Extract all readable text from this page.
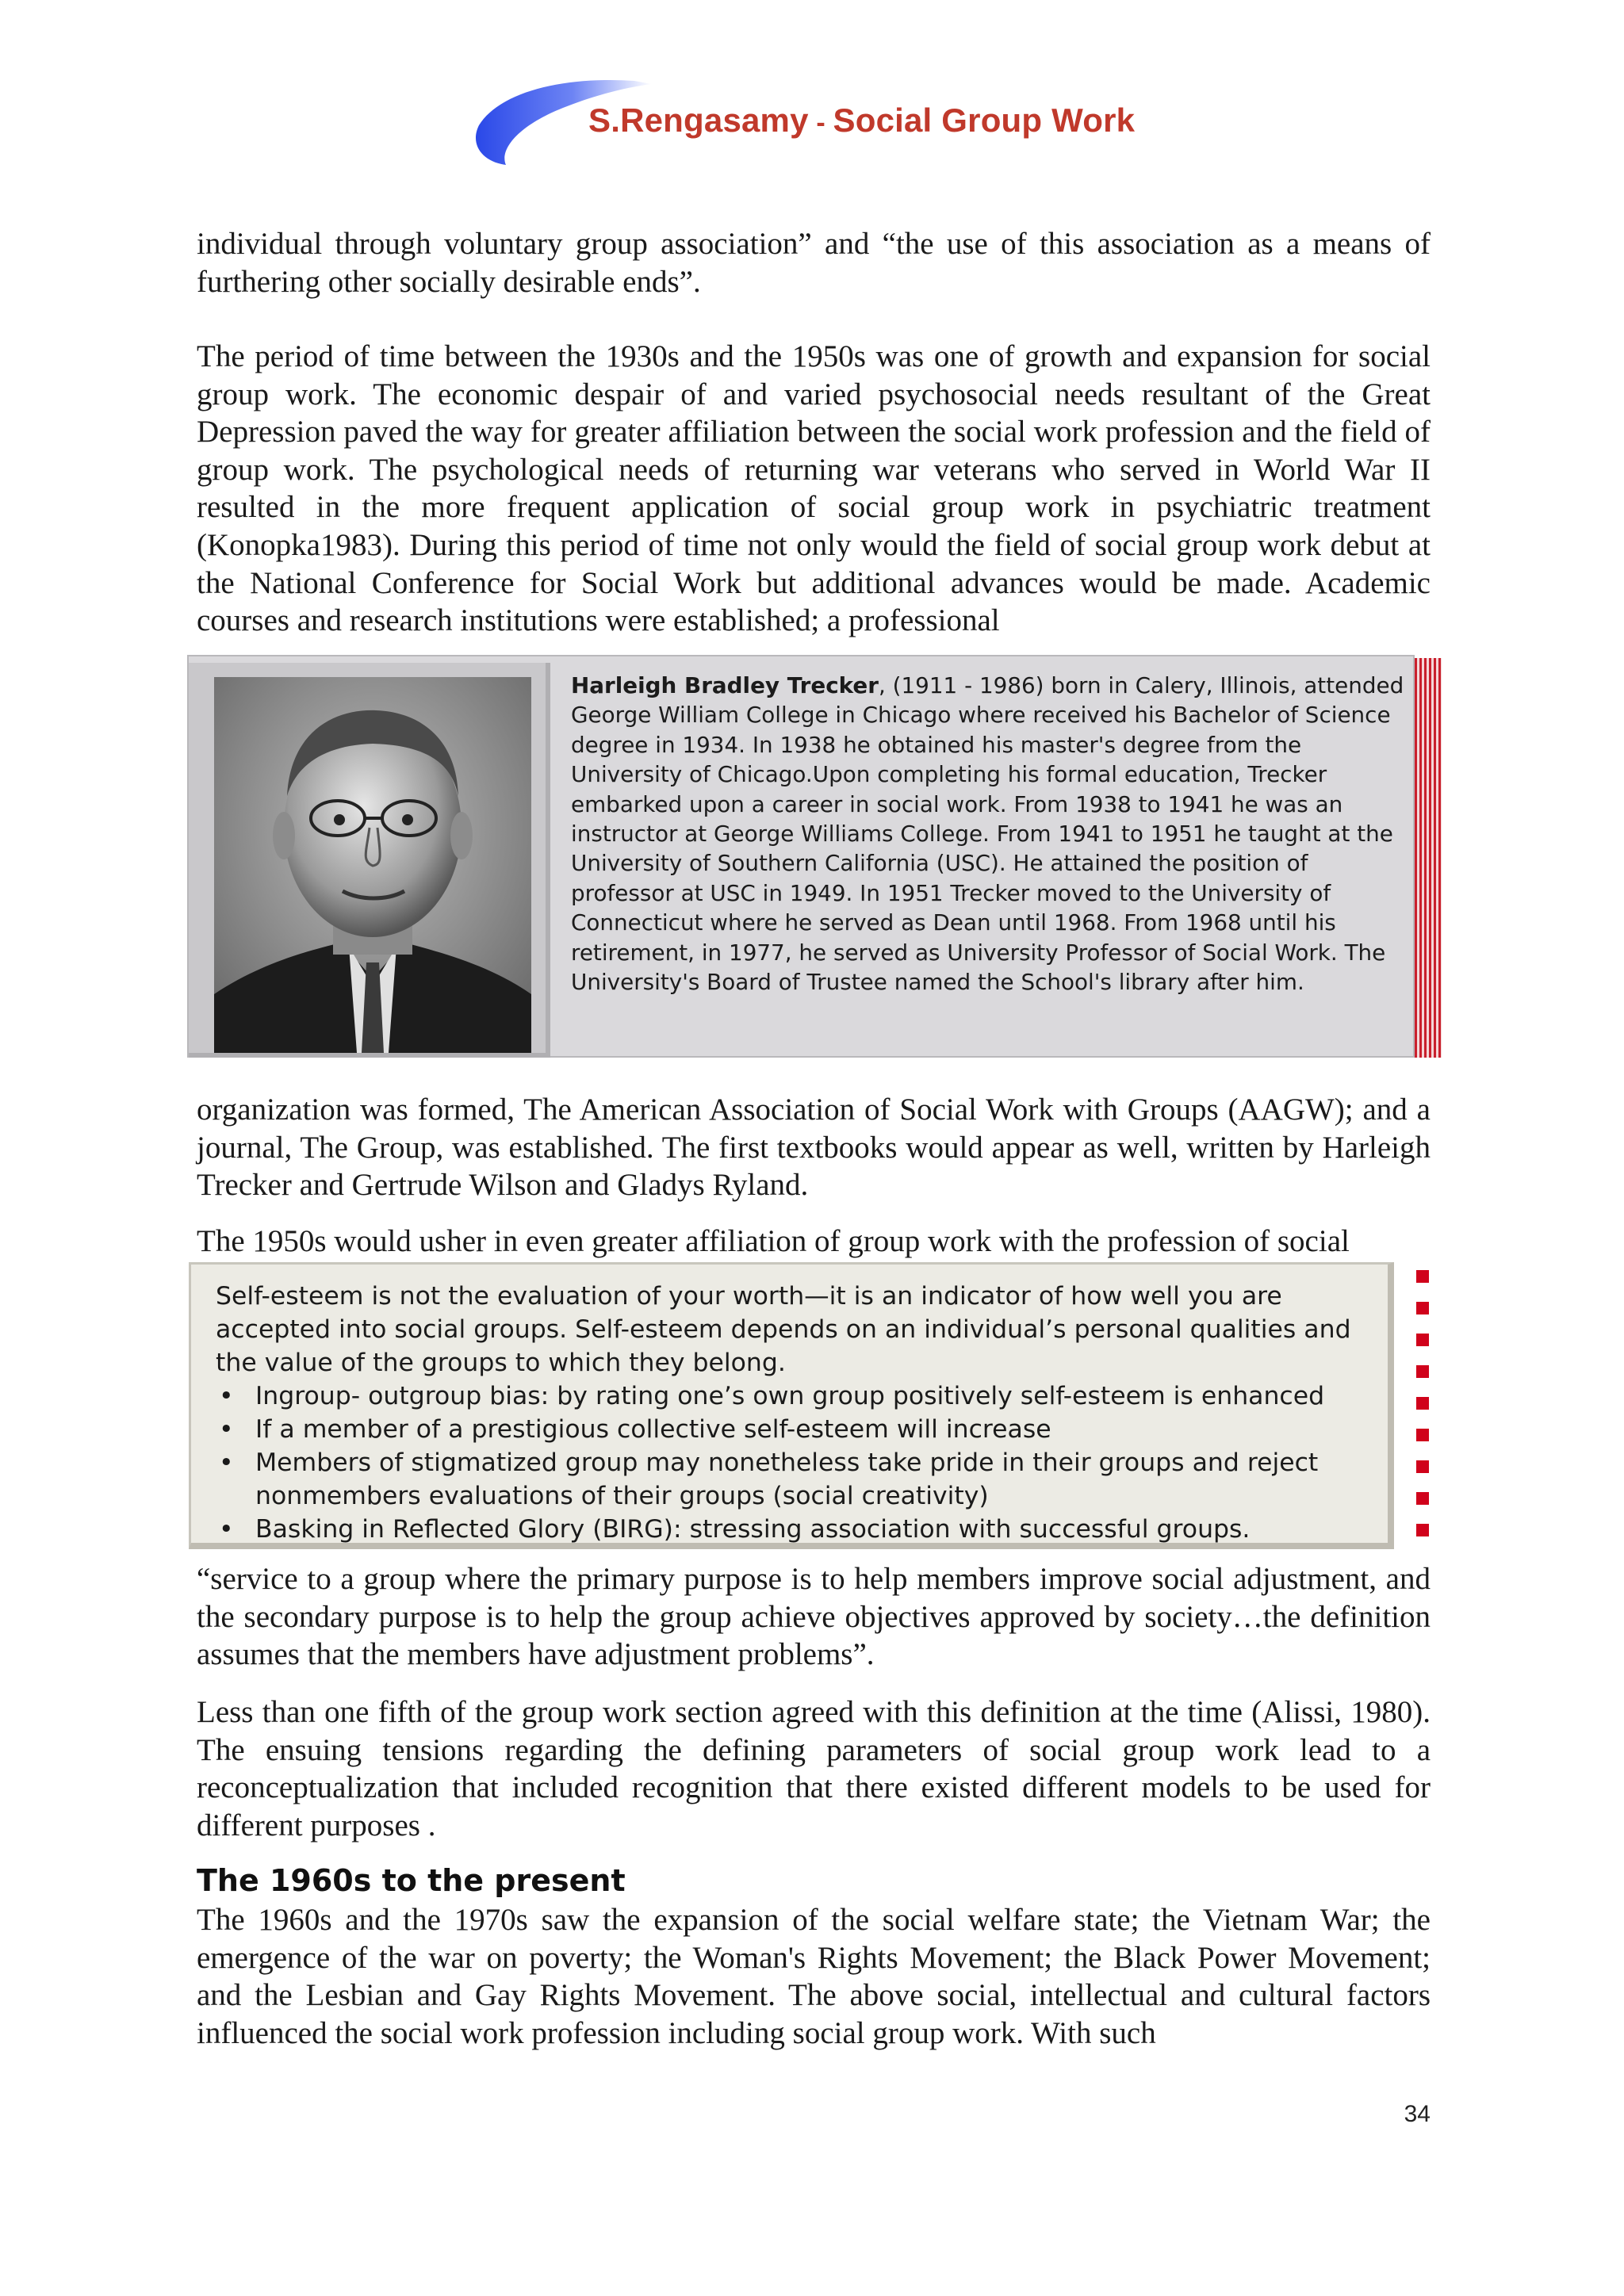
S.Rengasamy - Social Group Work

individual through voluntary group association” and “the use of this association as a means of furthering other socially desirable ends”.

The period of time between the 1930s and the 1950s was one of growth and expansion for social group work. The economic despair of and varied psychosocial needs resultant of the Great Depression paved the way for greater affiliation between the social work profession and the field of group work. The psychological needs of returning war veterans who served in World War II resulted in the more frequent application of social group work in psychiatric treatment (Konopka1983). During this period of time not only would the field of social group work debut at the National Conference for Social Work but additional advances would be made. Academic courses and research institutions were established; a professional

Harleigh Bradley Trecker, (1911 - 1986) born in Calery, Illinois, attended George William College in Chicago where received his Bachelor of Science degree in 1934. In 1938 he obtained his master's degree from the University of Chicago.Upon completing his formal education, Trecker embarked upon a career in social work. From 1938 to 1941 he was an instructor at George Williams College. From 1941 to 1951 he taught at the University of Southern California (USC). He attained the position of professor at USC in 1949. In 1951 Trecker moved to the University of Connecticut where he served as Dean until 1968. From 1968 until his retirement, in 1977, he served as University Professor of Social Work. The University's Board of Trustee named the School's library after him.

organization was formed, The American Association of Social Work with Groups (AAGW); and a journal, The Group, was established. The first textbooks would appear as well, written by Harleigh Trecker and Gertrude Wilson and Gladys Ryland.

The 1950s would usher in even greater affiliation of group work with the profession of social

Self-esteem is not the evaluation of your worth—it is an indicator of how well you are accepted into social groups. Self-esteem depends on an individual’s personal qualities and the value of the groups to which they belong.

• Ingroup- outgroup bias: by rating one’s own group positively self-esteem is enhanced
• If a member of a prestigious collective self-esteem will increase
• Members of stigmatized group may nonetheless take pride in their groups and reject nonmembers evaluations of their groups (social creativity)
• Basking in Reflected Glory (BIRG): stressing association with successful groups.

“service to a group where the primary purpose is to help members improve social adjustment, and the secondary purpose is to help the group achieve objectives approved by society…the definition assumes that the members have adjustment problems”.

Less than one fifth of the group work section agreed with this definition at the time (Alissi, 1980). The ensuing tensions regarding the defining parameters of social group work lead to a reconceptualization that included recognition that there existed different models to be used for different purposes .

The 1960s to the present

The 1960s and the 1970s saw the expansion of the social welfare state; the Vietnam War; the emergence of the war on poverty; the Woman's Rights Movement; the Black Power Movement; and the Lesbian and Gay Rights Movement. The above social, intellectual and cultural factors influenced the social work profession including social group work. With such

34
